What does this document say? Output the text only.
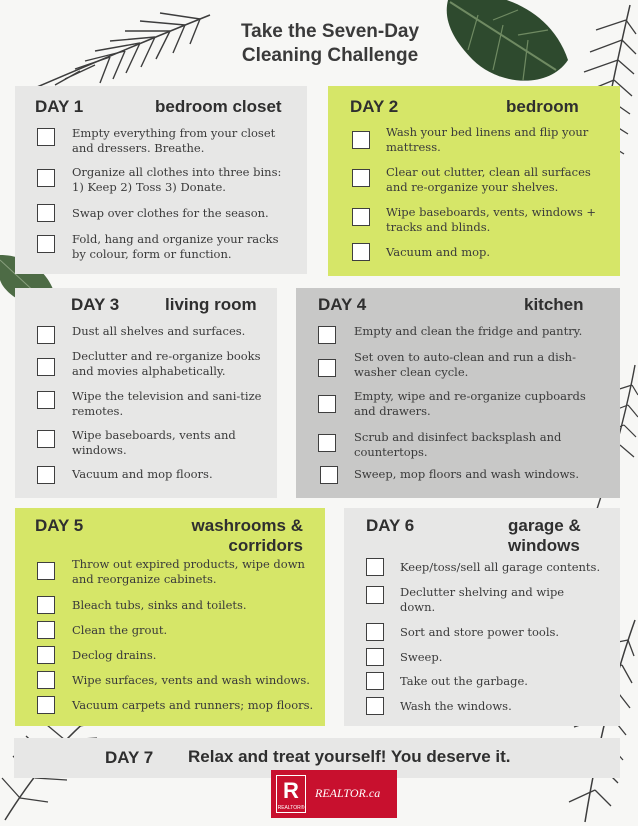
Take the Seven-Day
Cleaning Challenge
DAY 1	bedroom closet
Empty everything from your closet and dressers. Breathe.
Organize all clothes into three bins: 1) Keep 2) Toss 3) Donate.
Swap over clothes for the season.
Fold, hang and organize your racks by colour, form or function.
DAY 2	bedroom
Wash your bed linens and flip your mattress.
Clear out clutter, clean all surfaces and re-organize your shelves.
Wipe baseboards, vents, windows + tracks and blinds.
Vacuum and mop.
DAY 3	living room
Dust all shelves and surfaces.
Declutter and re-organize books and movies alphabetically.
Wipe the television and sani-tize remotes.
Wipe baseboards, vents and windows.
Vacuum and mop floors.
DAY 4	kitchen
Empty and clean the fridge and pantry.
Set oven to auto-clean and run a dish-washer clean cycle.
Empty, wipe and re-organize cupboards and drawers.
Scrub and disinfect backsplash and countertops.
Sweep, mop floors and wash windows.
DAY 5	washrooms &
corridors
Throw out expired products, wipe down and reorganize cabinets.
Bleach tubs, sinks and toilets.
Clean the grout.
Declog drains.
Wipe surfaces, vents and wash windows.
Vacuum carpets and runners; mop floors.
DAY 6	garage &
windows
Keep/toss/sell all garage contents.
Declutter shelving and wipe down.
Sort and store power tools.
Sweep.
Take out the garbage.
Wash the windows.
DAY 7 Relax and treat yourself! You deserve it.
R
REALTOR®
REALTOR.ca
